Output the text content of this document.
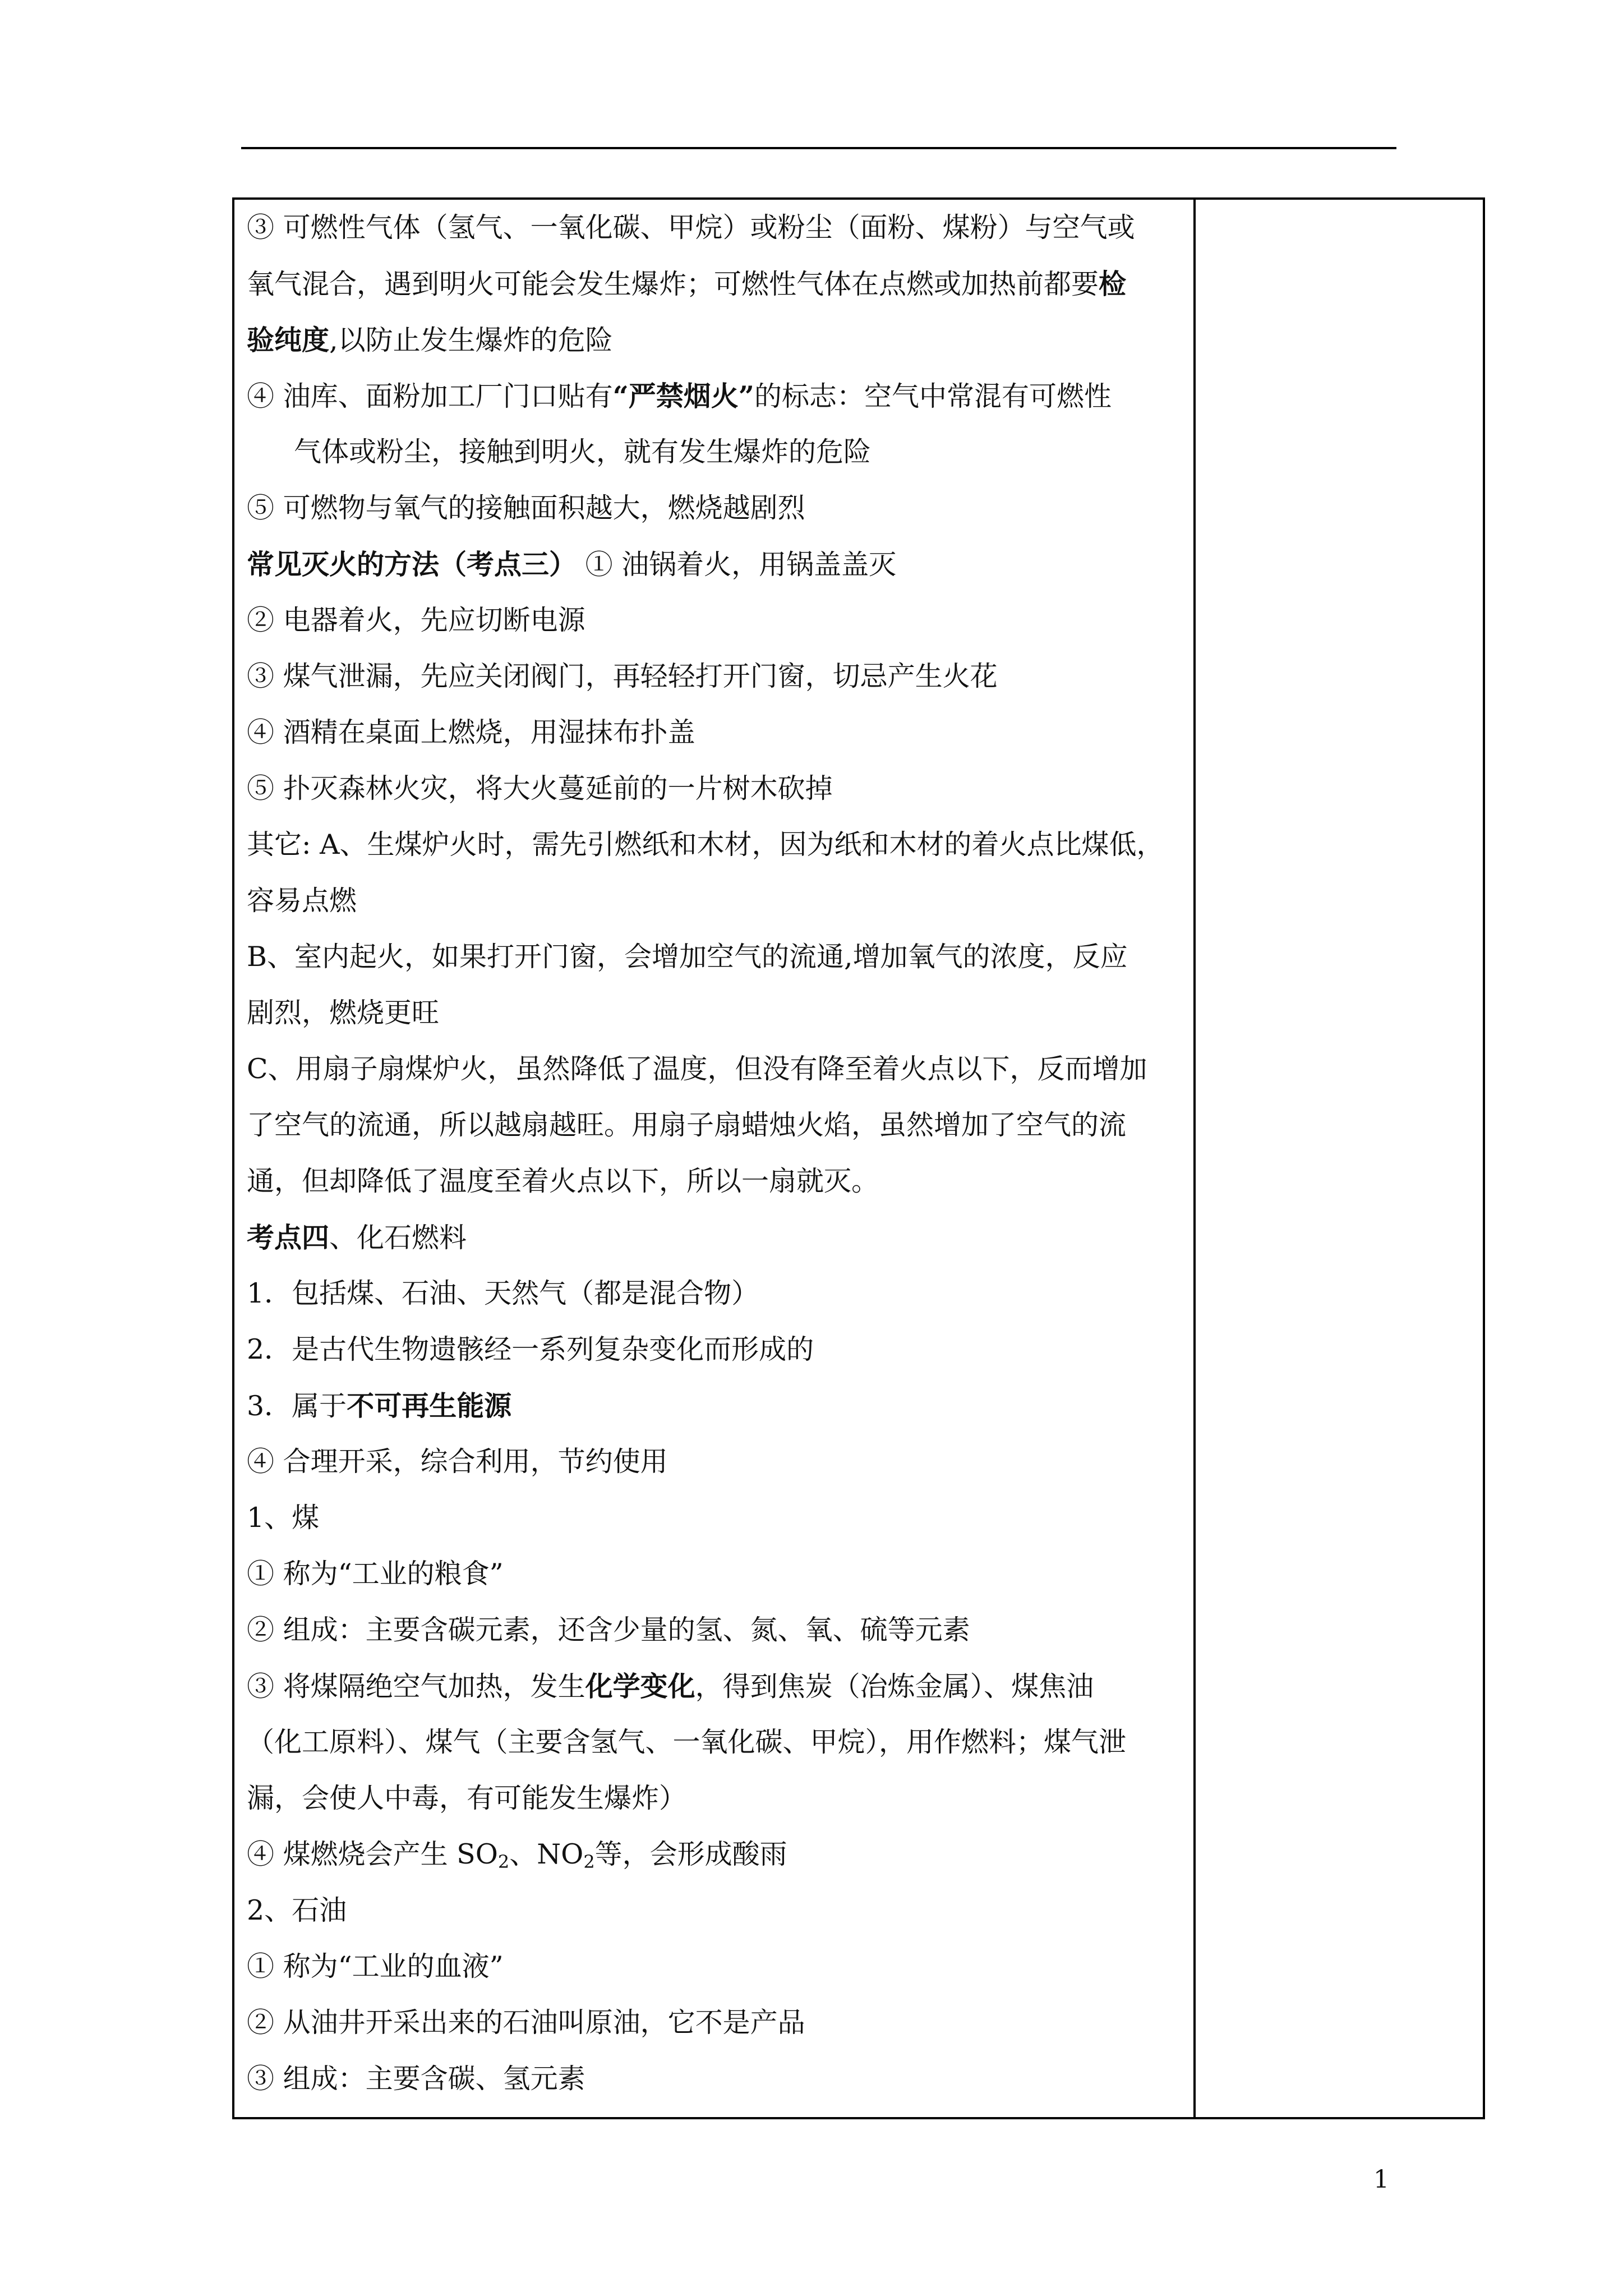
③ 可燃性气体（氢气、一氧化碳、甲烷）或粉尘（面粉、煤粉）与空气或
氧气混合，遇到明火可能会发生爆炸；可燃性气体在点燃或加热前都要检
验纯度,以防止发生爆炸的危险
④ 油库、面粉加工厂门口贴有“严禁烟火”的标志：空气中常混有可燃性
气体或粉尘，接触到明火，就有发生爆炸的危险
⑤ 可燃物与氧气的接触面积越大，燃烧越剧烈
常见灭火的方法（考点三） ① 油锅着火，用锅盖盖灭
② 电器着火，先应切断电源
③ 煤气泄漏，先应关闭阀门，再轻轻打开门窗，切忌产生火花
④ 酒精在桌面上燃烧，用湿抹布扑盖
⑤ 扑灭森林火灾，将大火蔓延前的一片树木砍掉
其它: A、生煤炉火时，需先引燃纸和木材，因为纸和木材的着火点比煤低，
容易点燃
B、室内起火，如果打开门窗，会增加空气的流通,增加氧气的浓度，反应
剧烈，燃烧更旺
C、用扇子扇煤炉火，虽然降低了温度，但没有降至着火点以下，反而增加
了空气的流通，所以越扇越旺。用扇子扇蜡烛火焰，虽然增加了空气的流
通，但却降低了温度至着火点以下，所以一扇就灭。
考点四、化石燃料
1．包括煤、石油、天然气（都是混合物）
2．是古代生物遗骸经一系列复杂变化而形成的
3．属于不可再生能源
④ 合理开采，综合利用，节约使用
1、煤
① 称为“工业的粮食”
② 组成：主要含碳元素，还含少量的氢、氮、氧、硫等元素
③ 将煤隔绝空气加热，发生化学变化，得到焦炭（冶炼金属）、煤焦油
（化工原料）、煤气（主要含氢气、一氧化碳、甲烷），用作燃料；煤气泄
漏，会使人中毒，有可能发生爆炸）
④ 煤燃烧会产生 $SO_2$、$NO_2$等，会形成酸雨
2、石油
① 称为“工业的血液”
② 从油井开采出来的石油叫原油，它不是产品
③ 组成：主要含碳、氢元素
1
